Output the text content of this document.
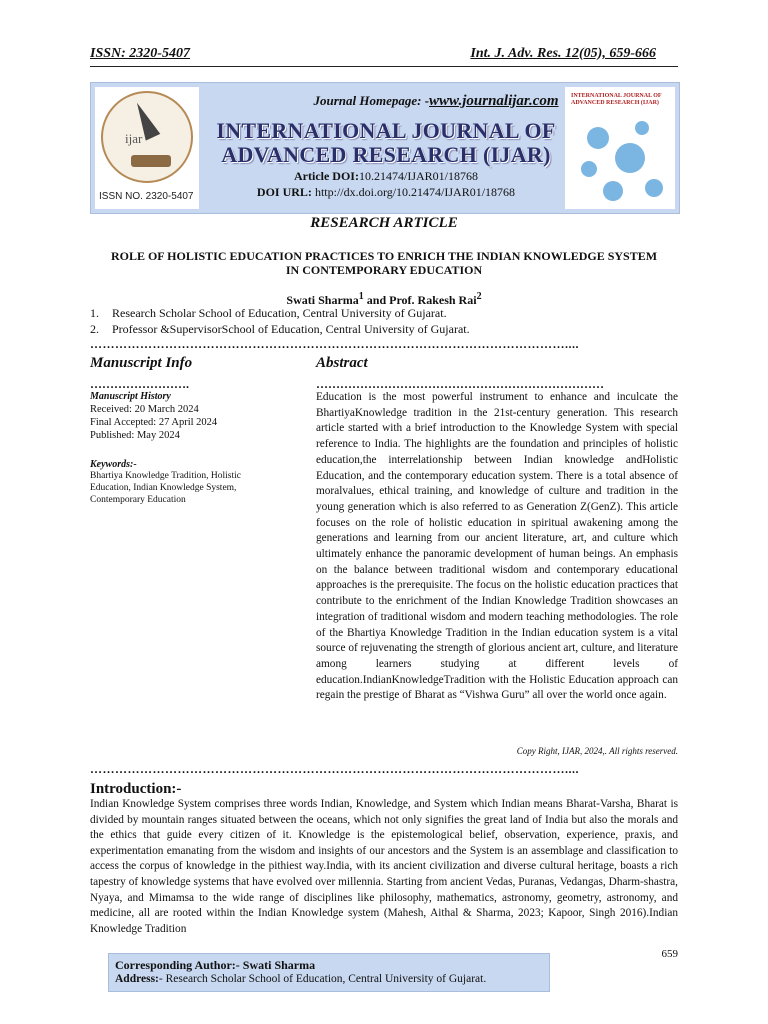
ISSN: 2320-5407	Int. J. Adv. Res. 12(05), 659-666
ijar
ISSN NO. 2320-5407
Journal Homepage: -www.journalijar.com
INTERNATIONAL JOURNAL OF
ADVANCED RESEARCH (IJAR)
Article DOI:10.21474/IJAR01/18768
DOI URL: http://dx.doi.org/10.21474/IJAR01/18768
INTERNATIONAL JOURNAL OF ADVANCED RESEARCH (IJAR)
RESEARCH ARTICLE
ROLE OF HOLISTIC EDUCATION PRACTICES TO ENRICH THE INDIAN KNOWLEDGE SYSTEM
IN CONTEMPORARY EDUCATION
Swati Sharma$^1$ and Prof. Rakesh Rai$^2$
1. Research Scholar School of Education, Central University of Gujarat.
2. Professor &SupervisorSchool of Education, Central University of Gujarat.
……………………………………………………………………………………………………....
Manuscript Info
…………………….
Manuscript History
Received: 20 March 2024
Final Accepted: 27 April 2024
Published: May 2024
Keywords:-
Bhartiya Knowledge Tradition, Holistic Education, Indian Knowledge System, Contemporary Education
Abstract
………………………………………………………………
Education is the most powerful instrument to enhance and inculcate the BhartiyaKnowledge tradition in the 21st-century generation. This research article started with a brief introduction to the Knowledge System with special reference to India. The highlights are the foundation and principles of holistic education,the interrelationship between Indian knowledge andHolistic Education, and the contemporary education system. There is a total absence of moralvalues, ethical training, and knowledge of culture and tradition in the young generation which is also referred to as Generation Z(GenZ). This article focuses on the role of holistic education in spiritual awakening among the generations and learning from our ancient literature, art, and culture which ultimately enhance the panoramic development of human beings. An emphasis on the balance between traditional wisdom and contemporary educational approaches is the prerequisite. The focus on the holistic education practices that contribute to the enrichment of the Indian Knowledge Tradition showcases an integration of traditional wisdom and modern teaching methodologies. The role of the Bhartiya Knowledge Tradition in the Indian education system is a vital source of rejuvenating the strength of glorious ancient art, culture, and literature among learners studying at different levels of education.IndianKnowledgeTradition with the Holistic Education approach can regain the prestige of Bharat as “Vishwa Guru” all over the world once again.
Copy Right, IJAR, 2024,. All rights reserved.
……………………………………………………………………………………………………....
Introduction:-
Indian Knowledge System comprises three words Indian, Knowledge, and System which Indian means Bharat-Varsha, Bharat is divided by mountain ranges situated between the oceans, which not only signifies the great land of India but also the morals and the ethics that guide every citizen of it. Knowledge is the epistemological belief, observation, experience, praxis, and experimentation emanating from the wisdom and insights of our ancestors and the System is an assemblage and classification to access the corpus of knowledge in the pithiest way.India, with its ancient civilization and diverse cultural heritage, boasts a rich tapestry of knowledge systems that have evolved over millennia. Starting from ancient Vedas, Puranas, Vedangas, Dharm-shastra, Nyaya, and Mimamsa to the wide range of disciplines like philosophy, mathematics, astronomy, geometry, astronomy, and medicine, all are rooted within the Indian Knowledge system (Mahesh, Aithal & Sharma, 2023; Kapoor, Singh 2016).Indian Knowledge Tradition
659
Corresponding Author:- Swati Sharma
Address:- Research Scholar School of Education, Central University of Gujarat.
